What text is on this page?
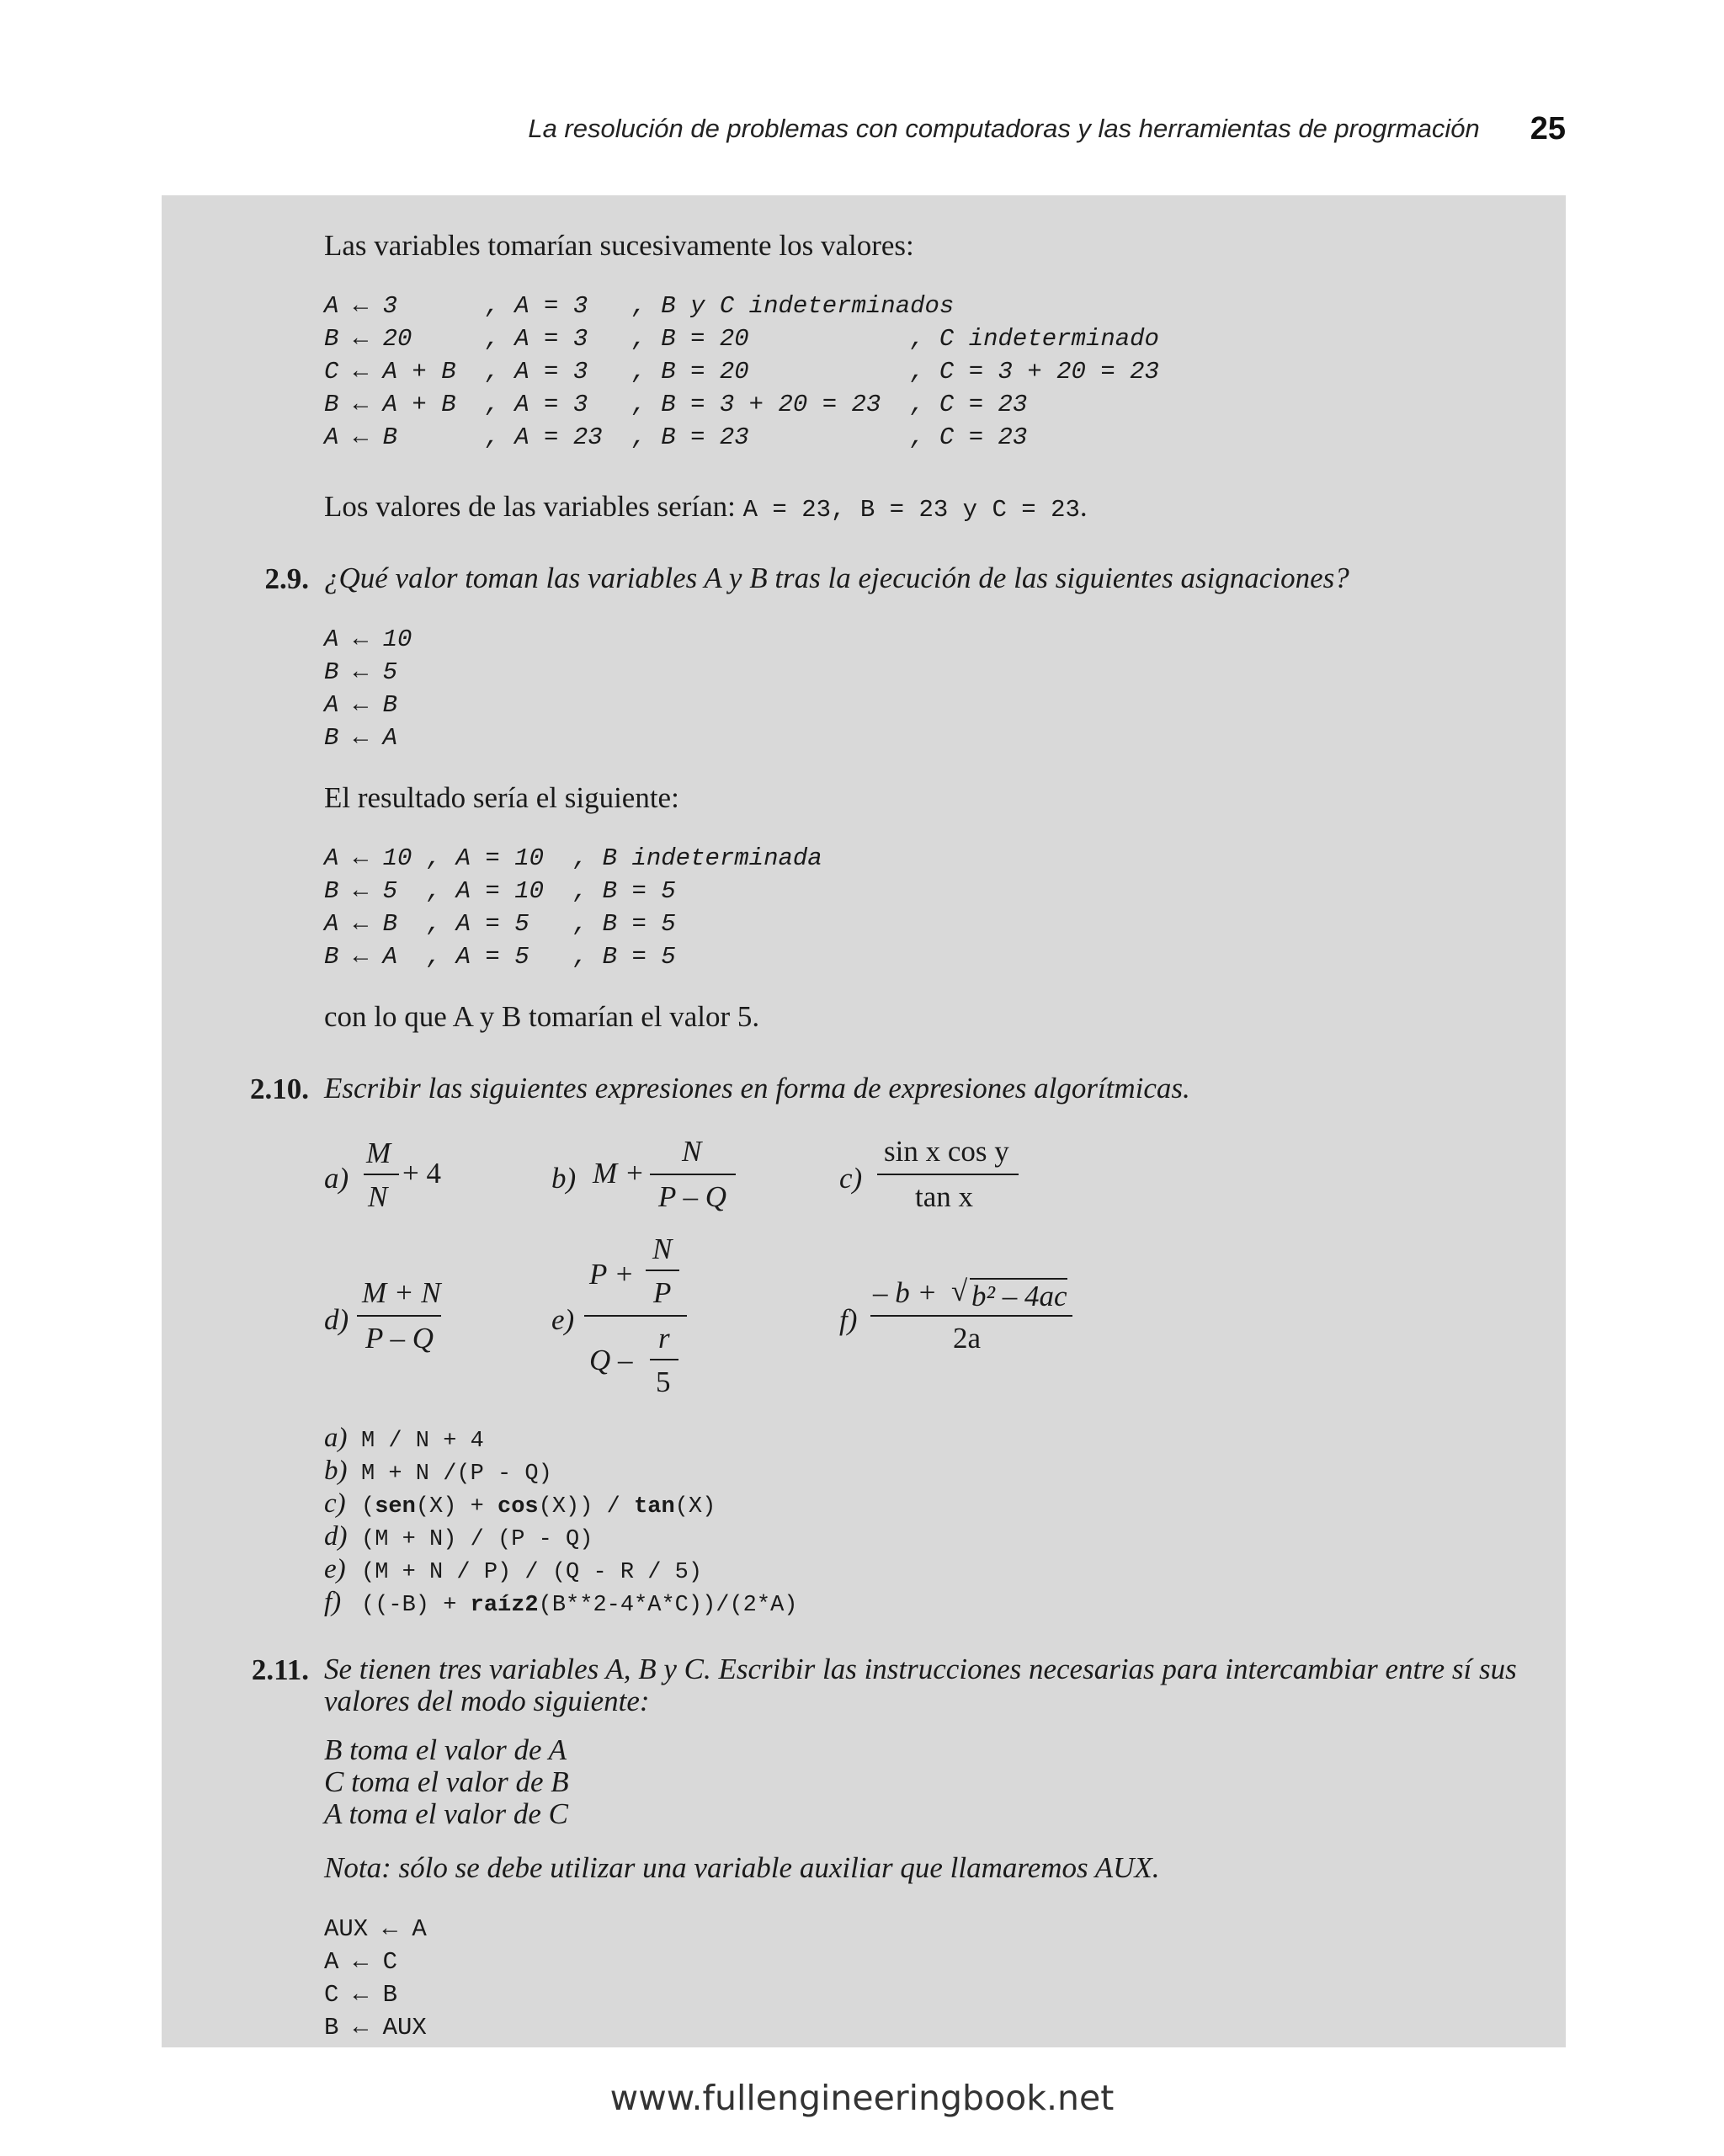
La resolución de problemas con computadoras y las herramientas de progrmación 25
Las variables tomarían sucesivamente los valores:
A ← 3      , A = 3   , B y C indeterminados
B ← 20     , A = 3   , B = 20           , C indeterminado
C ← A + B  , A = 3   , B = 20           , C = 3 + 20 = 23
B ← A + B  , A = 3   , B = 3 + 20 = 23  , C = 23
A ← B      , A = 23  , B = 23           , C = 23
Los valores de las variables serían: A = 23, B = 23 y C = 23.
2.9. ¿Qué valor toman las variables A y B tras la ejecución de las siguientes asignaciones?
A ← 10
B ← 5
A ← B
B ← A
El resultado sería el siguiente:
A ← 10 , A = 10  , B indeterminada
B ← 5  , A = 10  , B = 5
A ← B  , A = 5   , B = 5
B ← A  , A = 5   , B = 5
con lo que A y B tomarían el valor 5.
2.10. Escribir las siguientes expresiones en forma de expresiones algorítmicas.
a)
M
N
+ 4	b) M +
N
P – Q
c)
sin x cos y
tan x
d)
M + N
P – Q
e)
P +
N
P
Q –
r
5
f)
– b + √ b² – 4ac
2a
a) M / N + 4
b) M + N /(P - Q)
c) (sen(X) + cos(X)) / tan(X)
d) (M + N) / (P - Q)
e) (M + N / P) / (Q - R / 5)
f) ((-B) + raíz2(B**2-4*A*C))/(2*A)
2.11. Se tienen tres variables A, B y C. Escribir las instrucciones necesarias para intercambiar entre sí sus valores del modo siguiente:
B toma el valor de A
C toma el valor de B
A toma el valor de C
Nota: sólo se debe utilizar una variable auxiliar que llamaremos AUX.
AUX ← A
A ← C
C ← B
B ← AUX
www.fullengineeringbook.net
